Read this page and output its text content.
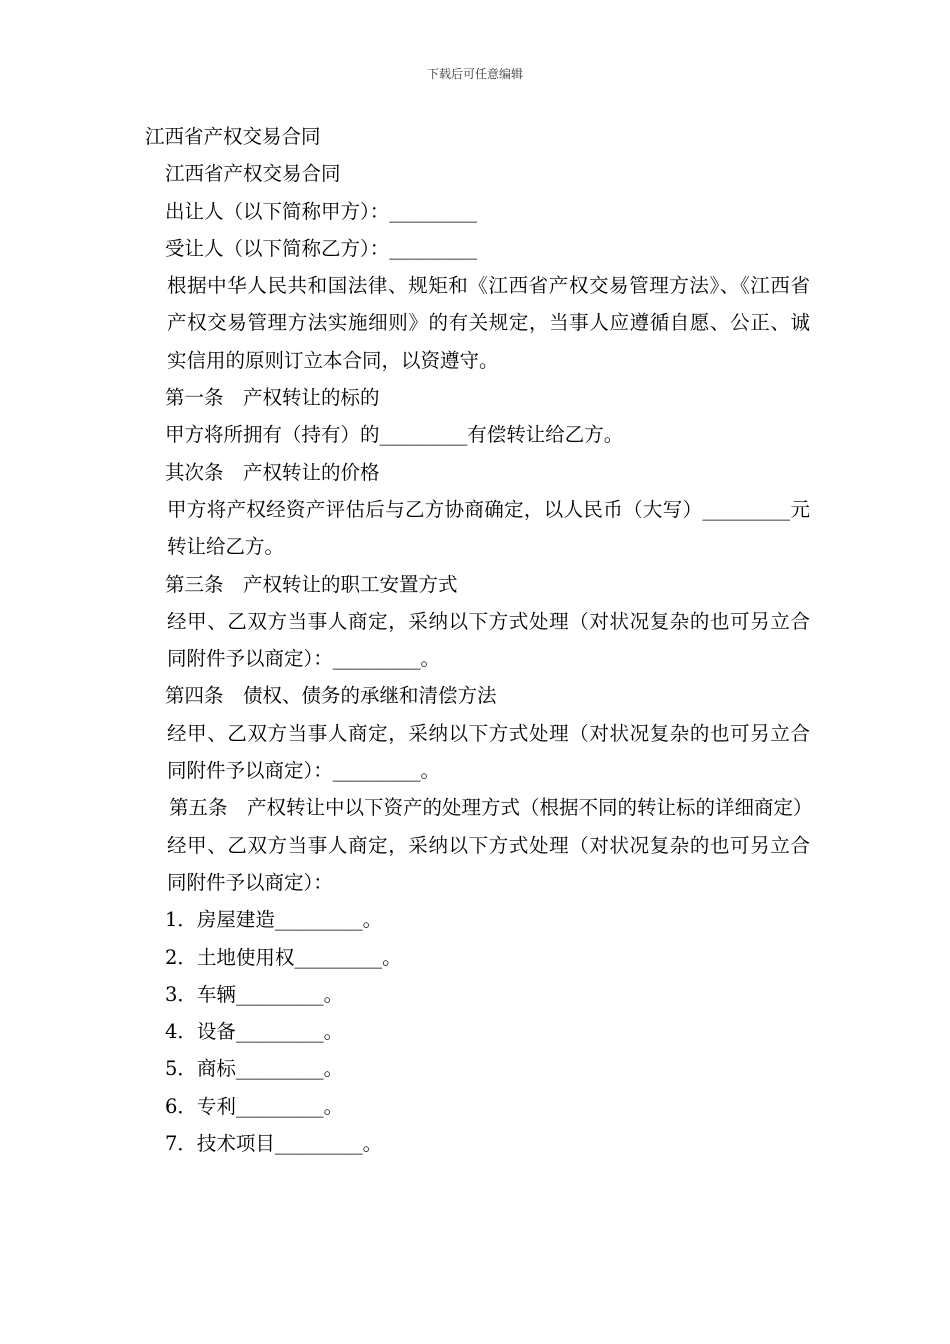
下载后可任意编辑
江西省产权交易合同
江西省产权交易合同
出让人（以下简称甲方）：_________
受让人（以下简称乙方）：_________
根据中华人民共和国法律、规矩和《江西省产权交易管理方法》、《江西省产权交易管理方法实施细则》的有关规定，当事人应遵循自愿、公正、诚实信用的原则订立本合同，以资遵守。
第一条　产权转让的标的
甲方将所拥有（持有）的_________有偿转让给乙方。
其次条　产权转让的价格
甲方将产权经资产评估后与乙方协商确定，以人民币（大写）_________元转让给乙方。
第三条　产权转让的职工安置方式
经甲、乙双方当事人商定，采纳以下方式处理（对状况复杂的也可另立合同附件予以商定）：_________。
第四条　债权、债务的承继和清偿方法
经甲、乙双方当事人商定，采纳以下方式处理（对状况复杂的也可另立合同附件予以商定）：_________。
第五条　产权转让中以下资产的处理方式（根据不同的转让标的详细商定）
经甲、乙双方当事人商定，采纳以下方式处理（对状况复杂的也可另立合同附件予以商定）：
1．房屋建造_________。
2．土地使用权_________。
3．车辆_________。
4．设备_________。
5．商标_________。
6．专利_________。
7．技术项目_________。
